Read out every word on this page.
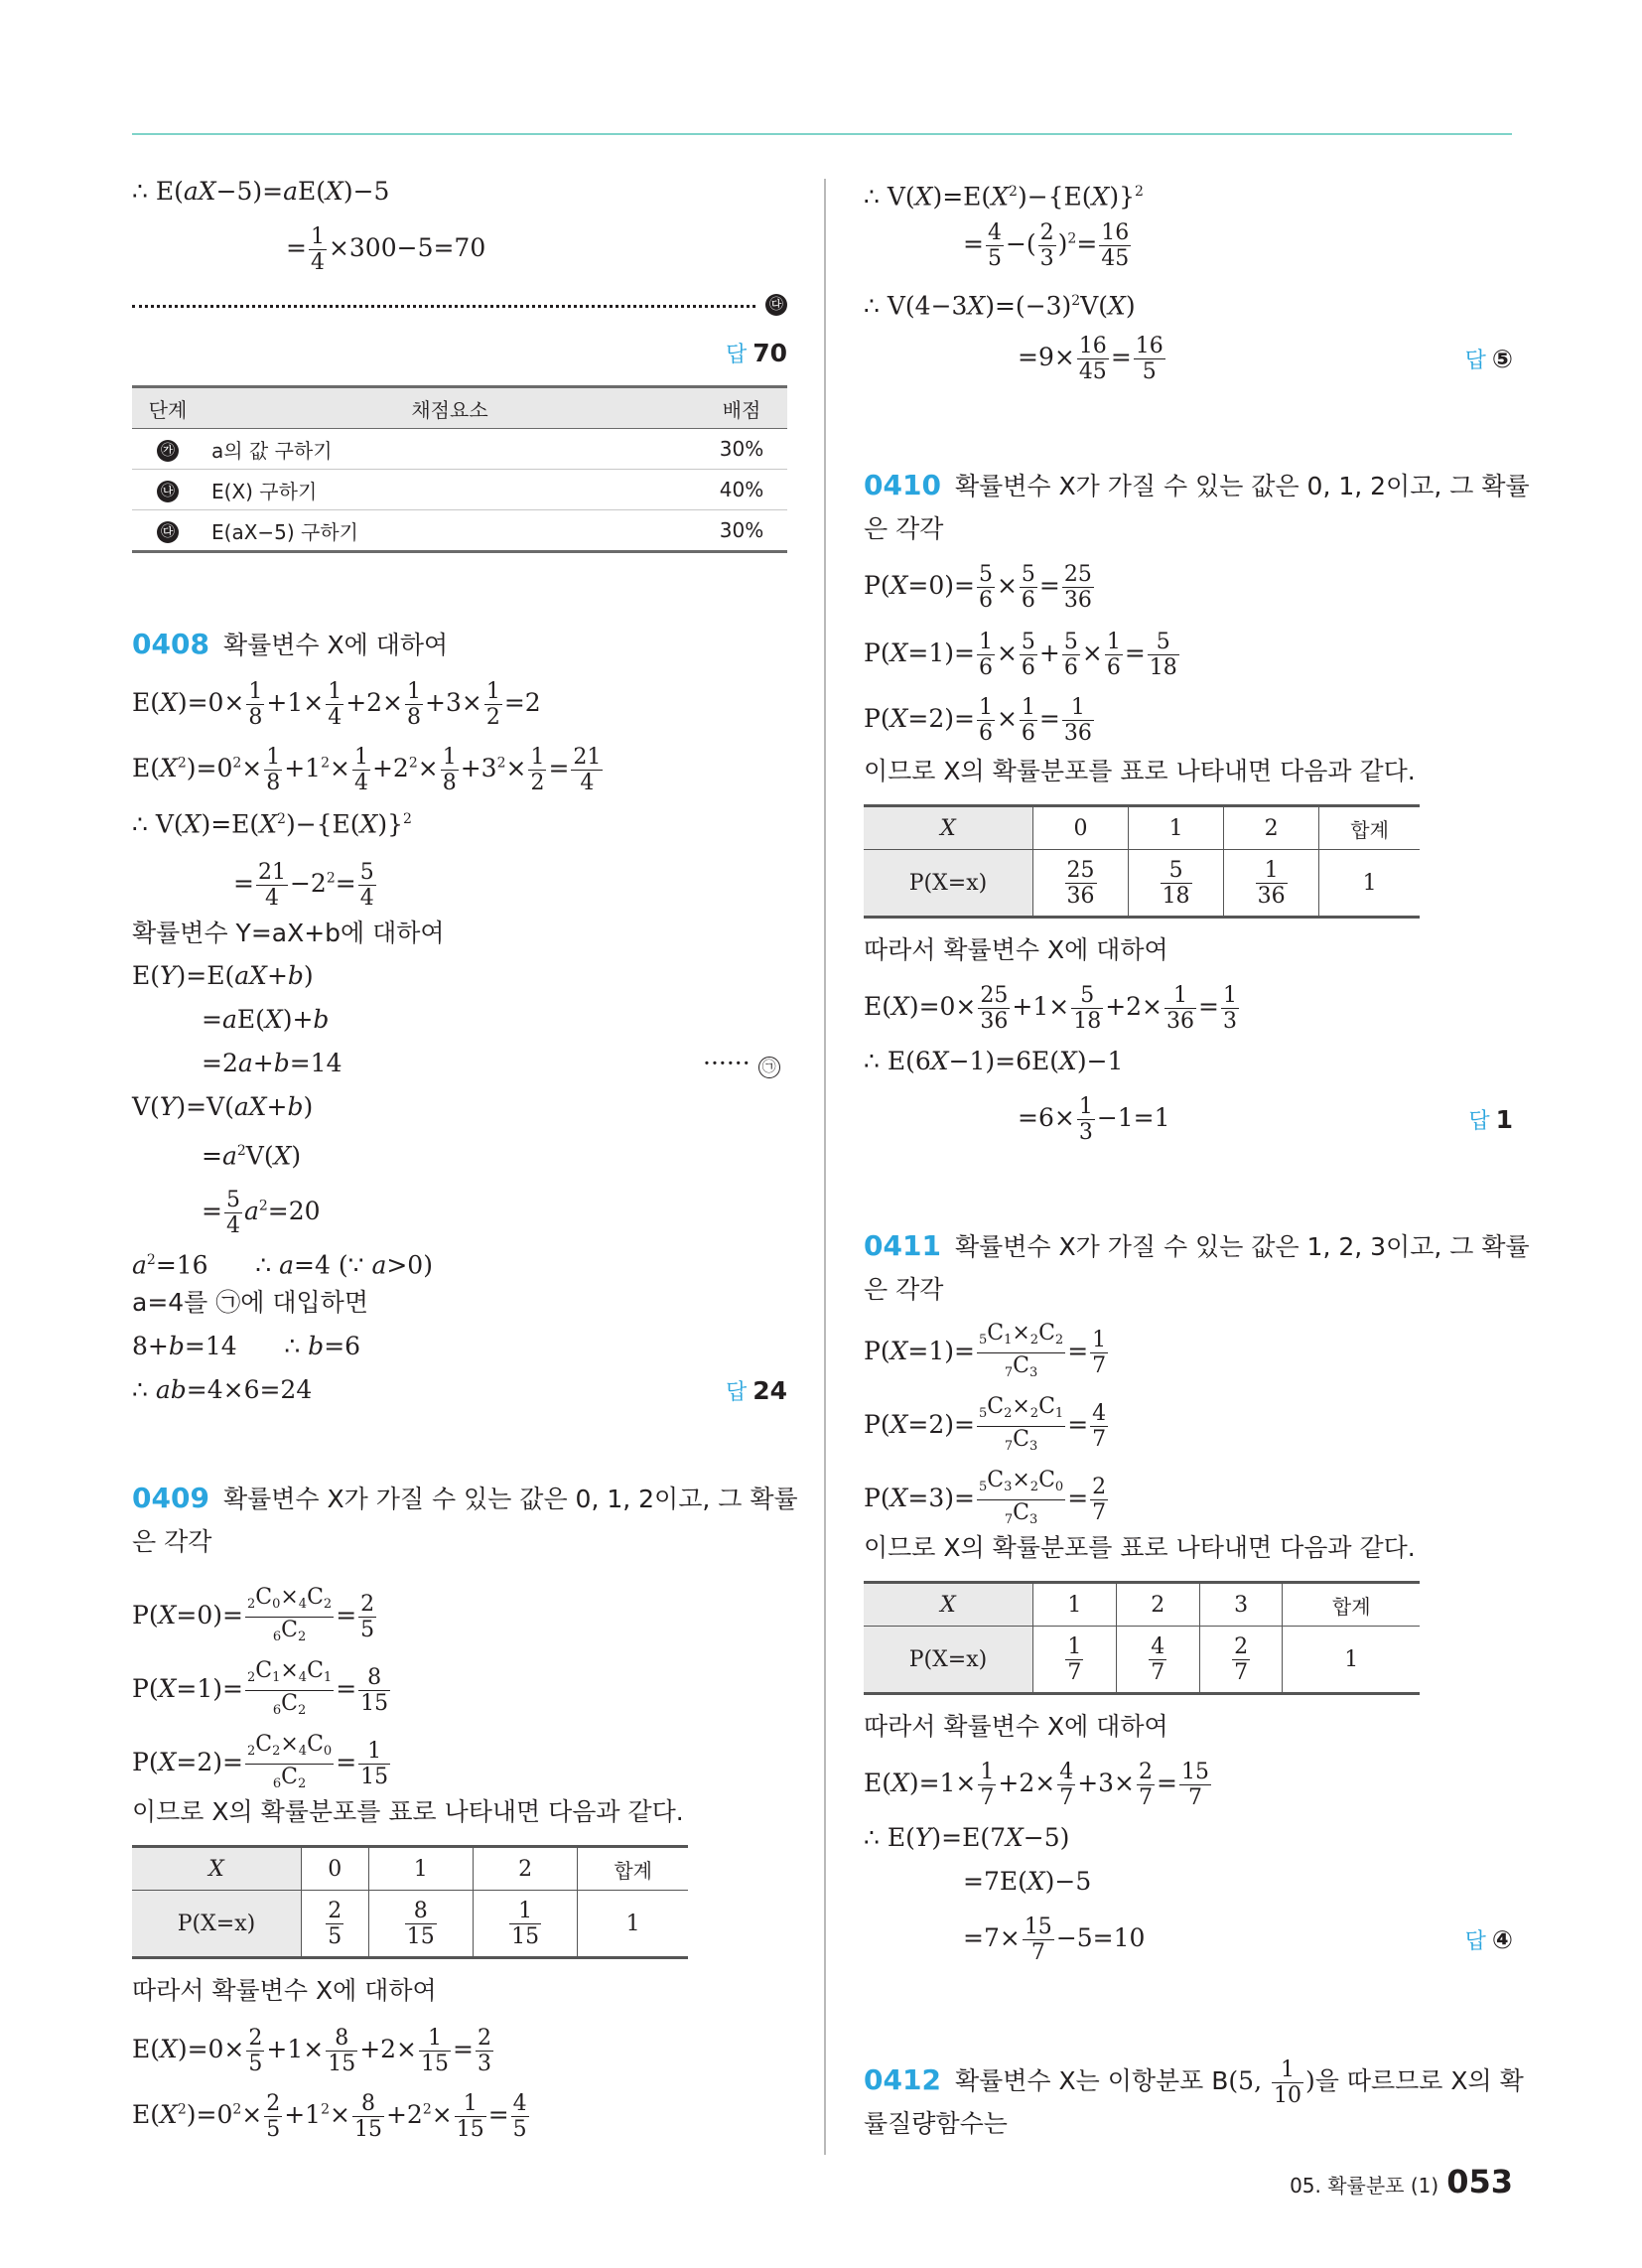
∴ E(aX−5)=aE(X)−5
= $\frac{1}{4} \times 300-5=70$
㉰
답 70
단계	채점요소	배점
㉮	a의 값 구하기	30%
㉯	E(X) 구하기	40%
㉰	E(aX−5) 구하기	30%
0408 확률변수 X에 대하여
$E(X)=0\times \frac{1}{8} +1\times \frac{1}{4} +2\times \frac{1}{8} +3\times \frac{1}{2} =2$
$E(X^2)=0^2\times \frac{1}{8} +1^2\times \frac{1}{4} +2^2\times \frac{1}{8} +3^2\times \frac{1}{2} = \frac{21}{4}$
∴ $V(X)=E(X^2)-\{E(X)\}^2$
= $\frac{21}{4} -2^2= \frac{5}{4}$
확률변수 Y=aX+b에 대하여
E(Y)=E(aX+b)
=aE(X)+b
=2a+b=14	······ ㉠
V(Y)=V(aX+b)
$=a^2V(X)$
= $\frac{5}{4} a^2=20$
$a^2=16$      ∴ a=4 (∵ a>0)
a=4를 ㉠에 대입하면
8+b=14      ∴ b=6
∴ ab=4×6=24	답 24
0409 확률변수 X가 가질 수 있는 값은 0, 1, 2이고, 그 확률
은 각각
$P(X=0)= \frac{_2C_0\times_4C_2}{_6C_2} = \frac{2}{5}$
$P(X=1)= \frac{_2C_1\times_4C_1}{_6C_2} = \frac{8}{15}$
$P(X=2)= \frac{_2C_2\times_4C_0}{_6C_2} = \frac{1}{15}$
이므로 X의 확률분포를 표로 나타내면 다음과 같다.
X	0	1	2	합계
P(X=x)	$\frac{2}{5}$	$\frac{8}{15}$	$\frac{1}{15}$	1
따라서 확률변수 X에 대하여
$E(X)=0\times \frac{2}{5} +1\times \frac{8}{15} +2\times \frac{1}{15} = \frac{2}{3}$
$E(X^2)=0^2\times \frac{2}{5} +1^2\times \frac{8}{15} +2^2\times \frac{1}{15} = \frac{4}{5}$
∴ $V(X)=E(X^2)-\{E(X)\}^2$
= $\frac{4}{5}$ −( $\frac{2}{3} )^2= \frac{16}{45}$
∴ $V(4-3X)=(-3)^2V(X)$
$=9\times \frac{16}{45} = \frac{16}{5}$	답 ⑤
0410 확률변수 X가 가질 수 있는 값은 0, 1, 2이고, 그 확률
은 각각
$P(X=0)= \frac{5}{6} \times \frac{5}{6} = \frac{25}{36}$
$P(X=1)= \frac{1}{6} \times \frac{5}{6} + \frac{5}{6} \times \frac{1}{6} = \frac{5}{18}$
$P(X=2)= \frac{1}{6} \times \frac{1}{6} = \frac{1}{36}$
이므로 X의 확률분포를 표로 나타내면 다음과 같다.
X	0	1	2	합계
P(X=x)	$\frac{25}{36}$	$\frac{5}{18}$	$\frac{1}{36}$	1
따라서 확률변수 X에 대하여
$E(X)=0\times \frac{25}{36} +1\times \frac{5}{18} +2\times \frac{1}{36} = \frac{1}{3}$
∴ E(6X−1)=6E(X)−1
$=6\times \frac{1}{3} -1=1$	답 1
0411 확률변수 X가 가질 수 있는 값은 1, 2, 3이고, 그 확률
은 각각
$P(X=1)= \frac{_5C_1\times_2C_2}{_7C_3} = \frac{1}{7}$
$P(X=2)= \frac{_5C_2\times_2C_1}{_7C_3} = \frac{4}{7}$
$P(X=3)= \frac{_5C_3\times_2C_0}{_7C_3} = \frac{2}{7}$
이므로 X의 확률분포를 표로 나타내면 다음과 같다.
X	1	2	3	합계
P(X=x)	$\frac{1}{7}$	$\frac{4}{7}$	$\frac{2}{7}$	1
따라서 확률변수 X에 대하여
$E(X)=1\times \frac{1}{7} +2\times \frac{4}{7} +3\times \frac{2}{7} = \frac{15}{7}$
∴ E(Y)=E(7X−5)
=7E(X)−5
$=7\times \frac{15}{7} -5=10$	답 ④
0412 확률변수 X는 이항분포 B(5, $\frac{1}{10}$ )을 따르므로 X의 확
률질량함수는
05. 확률분포 (1) 053
